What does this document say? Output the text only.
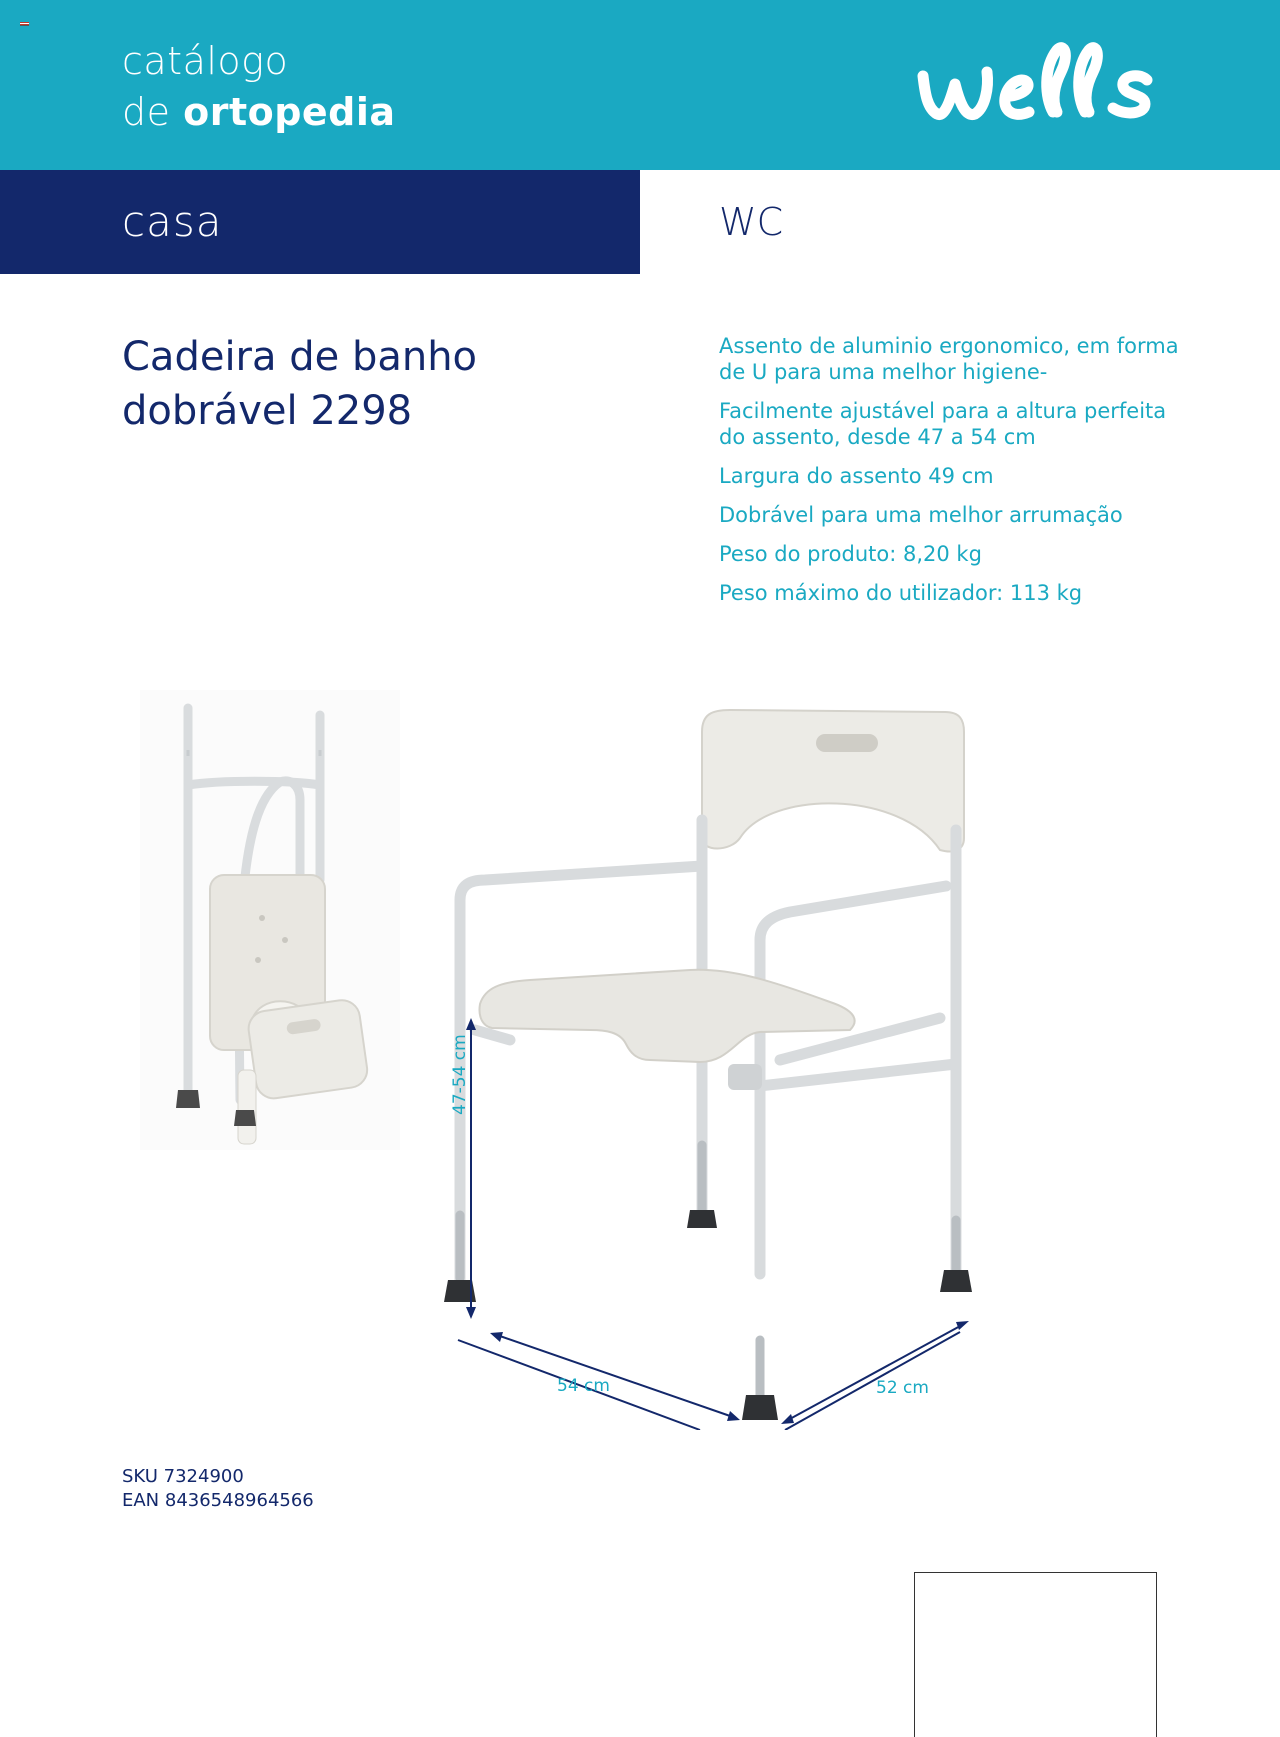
catálogo
de ortopedia
casa	WC
Cadeira de banho
dobrável 2298
Assento de aluminio ergonomico, em forma de U para uma melhor higiene-
Facilmente ajustável para a altura perfeita do assento, desde 47 a 54 cm
Largura do assento 49 cm
Dobrável para uma melhor arrumação
Peso do produto: 8,20 kg
Peso máximo do utilizador: 113 kg
47-54 cm
54 cm	52 cm
SKU 7324900
EAN 8436548964566
